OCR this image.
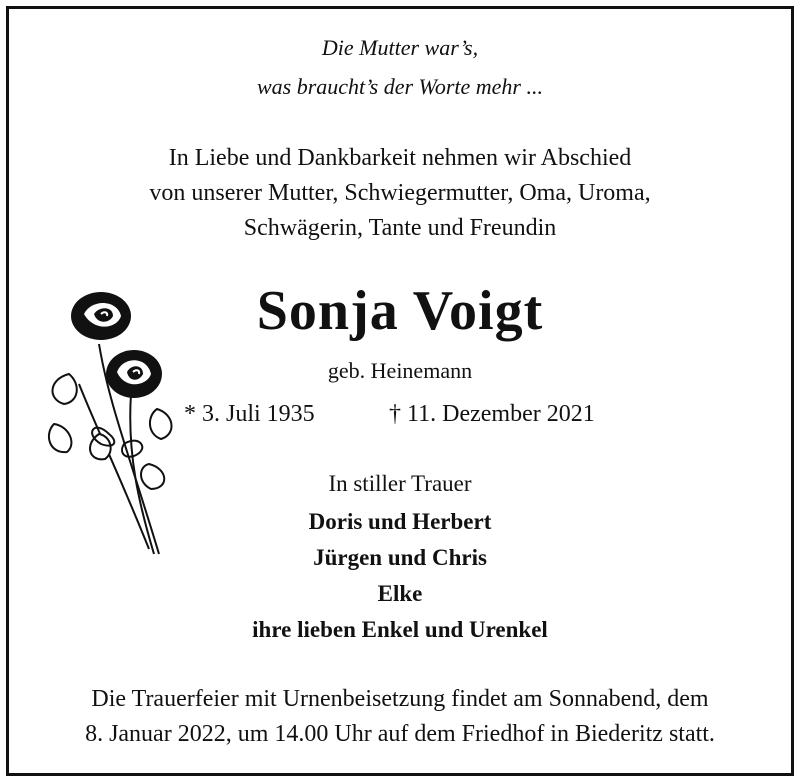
Die Mutter war’s,
was braucht’s der Worte mehr ...
In Liebe und Dankbarkeit nehmen wir Abschied
von unserer Mutter, Schwiegermutter, Oma, Uroma,
Schwägerin, Tante und Freundin
Sonja Voigt
geb. Heinemann
* 3. Juli 1935	† 11. Dezember 2021
In stiller Trauer
Doris und Herbert
Jürgen und Chris
Elke
ihre lieben Enkel und Urenkel
Die Trauerfeier mit Urnenbeisetzung findet am Sonnabend, dem
8. Januar 2022, um 14.00 Uhr auf dem Friedhof in Biederitz statt.
